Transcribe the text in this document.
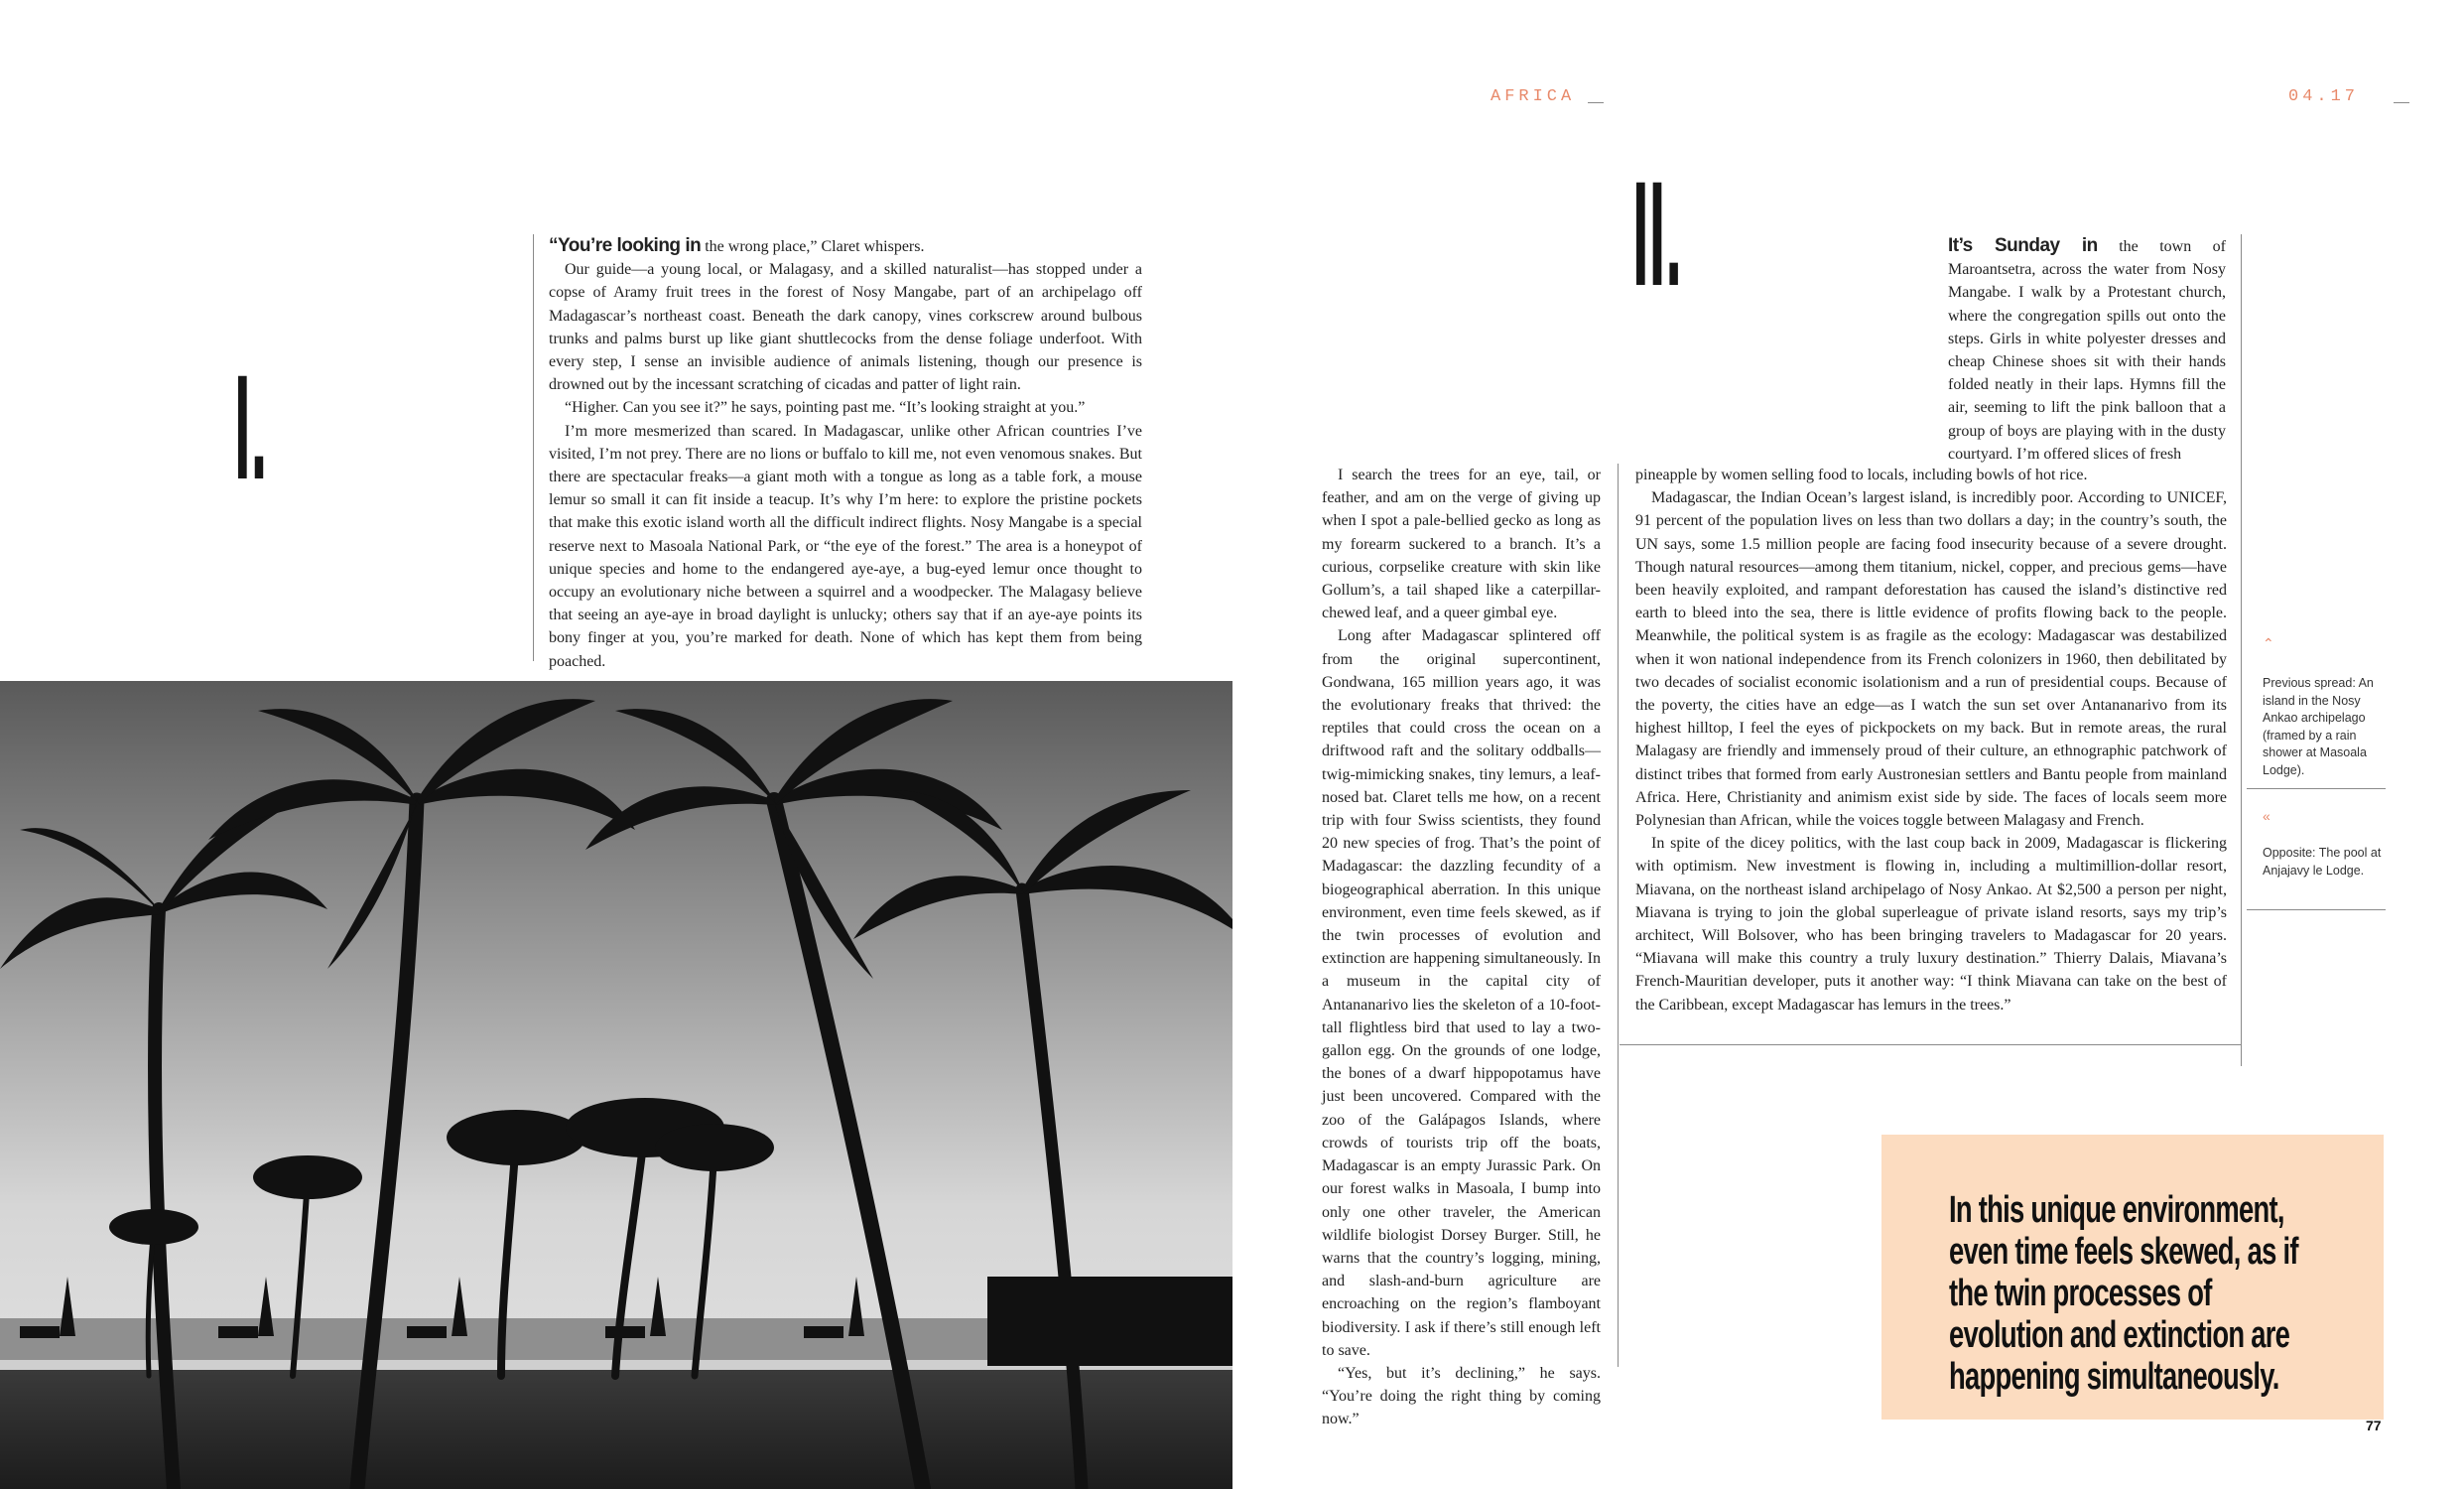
AFRICA	04.17
I.
II.

“You’re looking in the wrong place,” Claret whispers.

Our guide—a young local, or Malagasy, and a skilled naturalist—has stopped under a copse of Aramy fruit trees in the forest of Nosy Mangabe, part of an archipelago off Madagascar’s northeast coast. Beneath the dark canopy, vines corkscrew around bulbous trunks and palms burst up like giant shuttlecocks from the dense foliage underfoot. With every step, I sense an invisible audience of animals listening, though our presence is drowned out by the incessant scratching of cicadas and patter of light rain.

“Higher. Can you see it?” he says, pointing past me. “It’s looking straight at you.”

I’m more mesmerized than scared. In Madagascar, unlike other African countries I’ve visited, I’m not prey. There are no lions or buffalo to kill me, not even venomous snakes. But there are spectacular freaks—a giant moth with a tongue as long as a table fork, a mouse lemur so small it can fit inside a teacup. It’s why I’m here: to explore the pristine pockets that make this exotic island worth all the difficult indirect flights. Nosy Mangabe is a special reserve next to Masoala National Park, or “the eye of the forest.” The area is a honeypot of unique species and home to the endangered aye-aye, a bug-eyed lemur once thought to occupy an evolutionary niche between a squirrel and a woodpecker. The Malagasy believe that seeing an aye-aye in broad daylight is unlucky; others say that if an aye-aye points its bony finger at you, you’re marked for death. None of which has kept them from being poached.

I search the trees for an eye, tail, or feather, and am on the verge of giving up when I spot a pale-bellied gecko as long as my forearm suckered to a branch. It’s a curious, corpselike creature with skin like Gollum’s, a tail shaped like a caterpillar-chewed leaf, and a queer gimbal eye.

Long after Madagascar splintered off from the original supercontinent, Gondwana, 165 million years ago, it was the evolutionary freaks that thrived: the reptiles that could cross the ocean on a driftwood raft and the solitary oddballs—twig-mimicking snakes, tiny lemurs, a leaf-nosed bat. Claret tells me how, on a recent trip with four Swiss scientists, they found 20 new species of frog. That’s the point of Madagascar: the dazzling fecundity of a biogeographical aberration. In this unique environment, even time feels skewed, as if the twin processes of evolution and extinction are happening simultaneously. In a museum in the capital city of Antananarivo lies the skeleton of a 10-foot-tall flightless bird that used to lay a two-gallon egg. On the grounds of one lodge, the bones of a dwarf hippopotamus have just been uncovered. Compared with the zoo of the Galápagos Islands, where crowds of tourists trip off the boats, Madagascar is an empty Jurassic Park. On our forest walks in Masoala, I bump into only one other traveler, the American wildlife biologist Dorsey Burger. Still, he warns that the country’s logging, mining, and slash-and-burn agriculture are encroaching on the region’s flamboyant biodiversity. I ask if there’s still enough left to save.

“Yes, but it’s declining,” he says. “You’re doing the right thing by coming now.”

It’s Sunday in the town of Maroantsetra, across the water from Nosy Mangabe. I walk by a Protestant church, where the congregation spills out onto the steps. Girls in white polyester dresses and cheap Chinese shoes sit with their hands folded neatly in their laps. Hymns fill the air, seeming to lift the pink balloon that a group of boys are playing with in the dusty courtyard. I’m offered slices of fresh

pineapple by women selling food to locals, including bowls of hot rice.

Madagascar, the Indian Ocean’s largest island, is incredibly poor. According to UNICEF, 91 percent of the population lives on less than two dollars a day; in the country’s south, the UN says, some 1.5 million people are facing food insecurity because of a severe drought. Though natural resources—among them titanium, nickel, copper, and precious gems—have been heavily exploited, and rampant deforestation has caused the island’s distinctive red earth to bleed into the sea, there is little evidence of profits flowing back to the people. Meanwhile, the political system is as fragile as the ecology: Madagascar was destabilized when it won national independence from its French colonizers in 1960, then debilitated by two decades of socialist economic isolationism and a run of presidential coups. Because of the poverty, the cities have an edge—as I watch the sun set over Antananarivo from its highest hilltop, I feel the eyes of pickpockets on my back. But in remote areas, the rural Malagasy are friendly and immensely proud of their culture, an ethnographic patchwork of distinct tribes that formed from early Austronesian settlers and Bantu people from mainland Africa. Here, Christianity and animism exist side by side. The faces of locals seem more Polynesian than African, while the voices toggle between Malagasy and French.

In spite of the dicey politics, with the last coup back in 2009, Madagascar is flickering with optimism. New investment is flowing in, including a multimillion-dollar resort, Miavana, on the northeast island archipelago of Nosy Ankao. At $2,500 a person per night, Miavana is trying to join the global superleague of private island resorts, says my trip’s architect, Will Bolsover, who has been bringing travelers to Madagascar for 20 years. “Miavana will make this country a truly luxury destination.” Thierry Dalais, Miavana’s French-Mauritian developer, puts it another way: “I think Miavana can take on the best of the Caribbean, except Madagascar has lemurs in the trees.”

⌃
Previous spread: An island in the Nosy Ankao archipelago (framed by a rain shower at Masoala Lodge).
«
Opposite: The pool at Anjajavy le Lodge.
In this unique environment, even time feels skewed, as if the twin processes of evolution and extinction are happening simultaneously.
77
